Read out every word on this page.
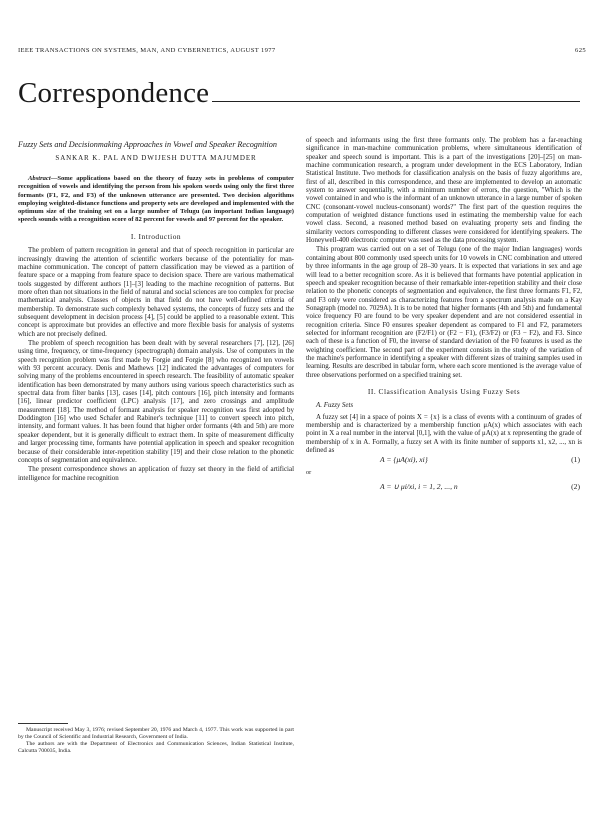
IEEE TRANSACTIONS ON SYSTEMS, MAN, AND CYBERNETICS, AUGUST 1977	625
Correspondence
Fuzzy Sets and Decisionmaking Approaches in Vowel and Speaker Recognition
SANKAR K. PAL AND DWIJESH DUTTA MAJUMDER
Abstract—Some applications based on the theory of fuzzy sets in problems of computer recognition of vowels and identifying the person from his spoken words using only the first three formants (F1, F2, and F3) of the unknown utterance are presented. Two decision algorithms employing weighted-distance functions and property sets are developed and implemented with the optimum size of the training set on a large number of Telugu (an important Indian language) speech sounds with a recognition score of 82 percent for vowels and 97 percent for the speaker.
I. Introduction

The problem of pattern recognition in general and that of speech recognition in particular are increasingly drawing the attention of scientific workers because of the potentiality for man-machine communication. The concept of pattern classification may be viewed as a partition of feature space or a mapping from feature space to decision space. There are various mathematical tools suggested by different authors [1]–[3] leading to the machine recognition of patterns. But more often than not situations in the field of natural and social sciences are too complex for precise mathematical analysis. Classes of objects in that field do not have well-defined criteria of membership. To demonstrate such complexly behaved systems, the concepts of fuzzy sets and the subsequent development in decision process [4], [5] could be applied to a reasonable extent. This concept is approximate but provides an effective and more flexible basis for analysis of systems which are not precisely defined.

The problem of speech recognition has been dealt with by several researchers [7], [12], [26] using time, frequency, or time-frequency (spectrograph) domain analysis. Use of computers in the speech recognition problem was first made by Forgie and Forgie [8] who recognized ten vowels with 93 percent accuracy. Denis and Mathews [12] indicated the advantages of computers for solving many of the problems encountered in speech research. The feasibility of automatic speaker identification has been demonstrated by many authors using various speech characteristics such as spectral data from filter banks [13], cases [14], pitch contours [16], pitch intensity and formants [16], linear predictor coefficient (LPC) analysis [17], and zero crossings and amplitude measurement [18]. The method of formant analysis for speaker recognition was first adopted by Doddington [16] who used Schafer and Rabiner's technique [11] to convert speech into pitch, intensity, and formant values. It has been found that higher order formants (4th and 5th) are more speaker dependent, but it is generally difficult to extract them. In spite of measurement difficulty and larger processing time, formants have potential application in speech and speaker recognition because of their considerable inter-repetition stability [19] and their close relation to the phonetic concepts of segmentation and equivalence.

The present correspondence shows an application of fuzzy set theory in the field of artificial intelligence for machine recognition

Manuscript received May 3, 1976; revised September 20, 1976 and March 4, 1977. This work was supported in part by the Council of Scientific and Industrial Research, Government of India.

The authors are with the Department of Electronics and Communication Sciences, Indian Statistical Institute, Calcutta 700035, India.

of speech and informants using the first three formants only. The problem has a far-reaching significance in man-machine communication problems, where simultaneous identification of speaker and speech sound is important. This is a part of the investigations [20]–[25] on man-machine communication research, a program under development in the ECS Laboratory, Indian Statistical Institute. Two methods for classification analysis on the basis of fuzzy algorithms are, first of all, described in this correspondence, and these are implemented to develop an automatic system to answer sequentially, with a minimum number of errors, the question, "Which is the vowel contained in and who is the informant of an unknown utterance in a large number of spoken CNC (consonant-vowel nucleus-consonant) words?" The first part of the question requires the computation of weighted distance functions used in estimating the membership value for each vowel class. Second, a reasoned method based on evaluating property sets and finding the similarity vectors corresponding to different classes were considered for identifying speakers. The Honeywell-400 electronic computer was used as the data processing system.

This program was carried out on a set of Telugu (one of the major Indian languages) words containing about 800 commonly used speech units for 10 vowels in CNC combination and uttered by three informants in the age group of 28–30 years. It is expected that variations in sex and age will lead to a better recognition score. As it is believed that formants have potential application in speech and speaker recognition because of their remarkable inter-repetition stability and their close relation to the phonetic concepts of segmentation and equivalence, the first three formants F1, F2, and F3 only were considered as characterizing features from a spectrum analysis made on a Kay Sonagraph (model no. 7029A). It is to be noted that higher formants (4th and 5th) and fundamental voice frequency F0 are found to be very speaker dependent and are not considered essential in recognition criteria. Since F0 ensures speaker dependent as compared to F1 and F2, parameters selected for informant recognition are (F2/F1) or (F2 − F1), (F3/F2) or (F3 − F2), and F3. Since each of these is a function of F0, the inverse of standard deviation of the F0 features is used as the weighting coefficient. The second part of the experiment consists in the study of the variation of the machine's performance in identifying a speaker with different sizes of training samples used in learning. Results are described in tabular form, where each score mentioned is the average value of three observations performed on a specified training set.

II. Classification Analysis Using Fuzzy Sets
A. Fuzzy Sets

A fuzzy set [4] in a space of points X = {x} is a class of events with a continuum of grades of membership and is characterized by a membership function μA(x) which associates with each point in X a real number in the interval [0,1], with the value of μA(x) at x representing the grade of membership of x in A. Formally, a fuzzy set A with its finite number of supports x1, x2, ..., xn is defined as

A = {μA(xi), xi}	(1)
or
A = ∪ μi/xi, i = 1, 2, ..., n	(2)
